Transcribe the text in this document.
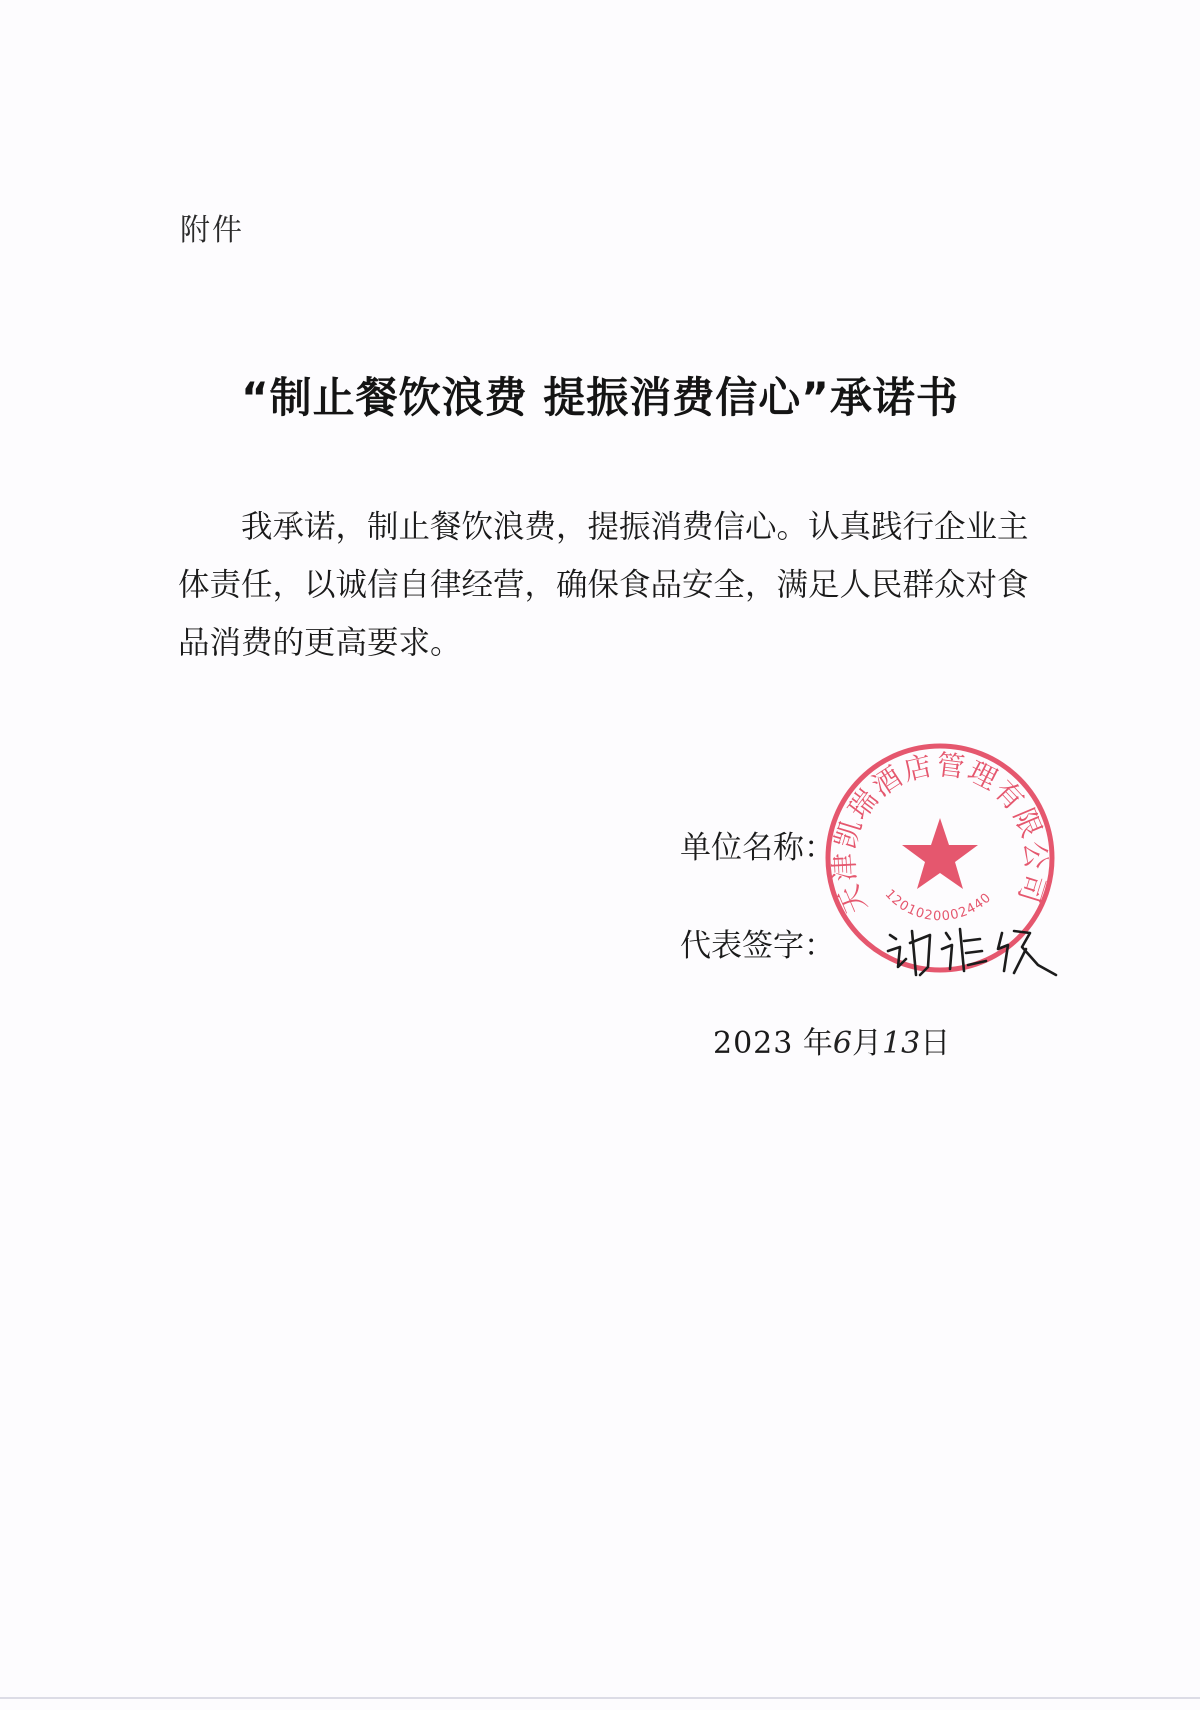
附件
“制止餐饮浪费 提振消费信心”承诺书
我承诺，制止餐饮浪费，提振消费信心。认真践行企业主体责任，以诚信自律经营，确保食品安全，满足人民群众对食品消费的更高要求。
单位名称：
代表签字：
天津凯瑞酒店管理有限公司
1201020002440
2023 年6月13日
